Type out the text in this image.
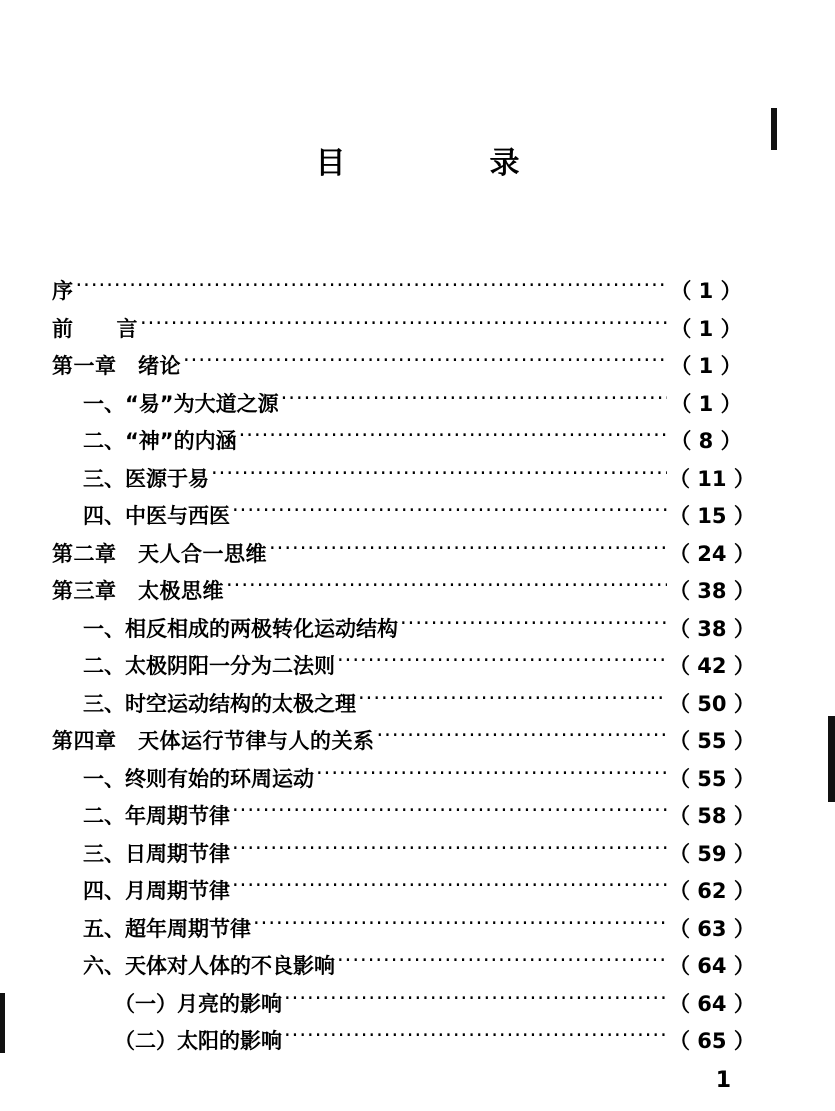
目　　录
序 ·····	（ 1 ）
前　　言 ·····	（ 1 ）
第一章　绪论 ·····	（ 1 ）
一、“易”为大道之源 ·····	（ 1 ）
二、“神”的内涵 ·····	（ 8 ）
三、医源于易 ·····	（ 11 ）
四、中医与西医 ·····	（ 15 ）
第二章　天人合一思维 ·····	（ 24 ）
第三章　太极思维 ·····	（ 38 ）
一、相反相成的两极转化运动结构 ·····	（ 38 ）
二、太极阴阳一分为二法则 ·····	（ 42 ）
三、时空运动结构的太极之理 ·····	（ 50 ）
第四章　天体运行节律与人的关系 ·····	（ 55 ）
一、终则有始的环周运动 ·····	（ 55 ）
二、年周期节律 ·····	（ 58 ）
三、日周期节律 ·····	（ 59 ）
四、月周期节律 ·····	（ 62 ）
五、超年周期节律 ·····	（ 63 ）
六、天体对人体的不良影响 ·····	（ 64 ）
（一）月亮的影响 ·····	（ 64 ）
（二）太阳的影响 ·····	（ 65 ）
1
